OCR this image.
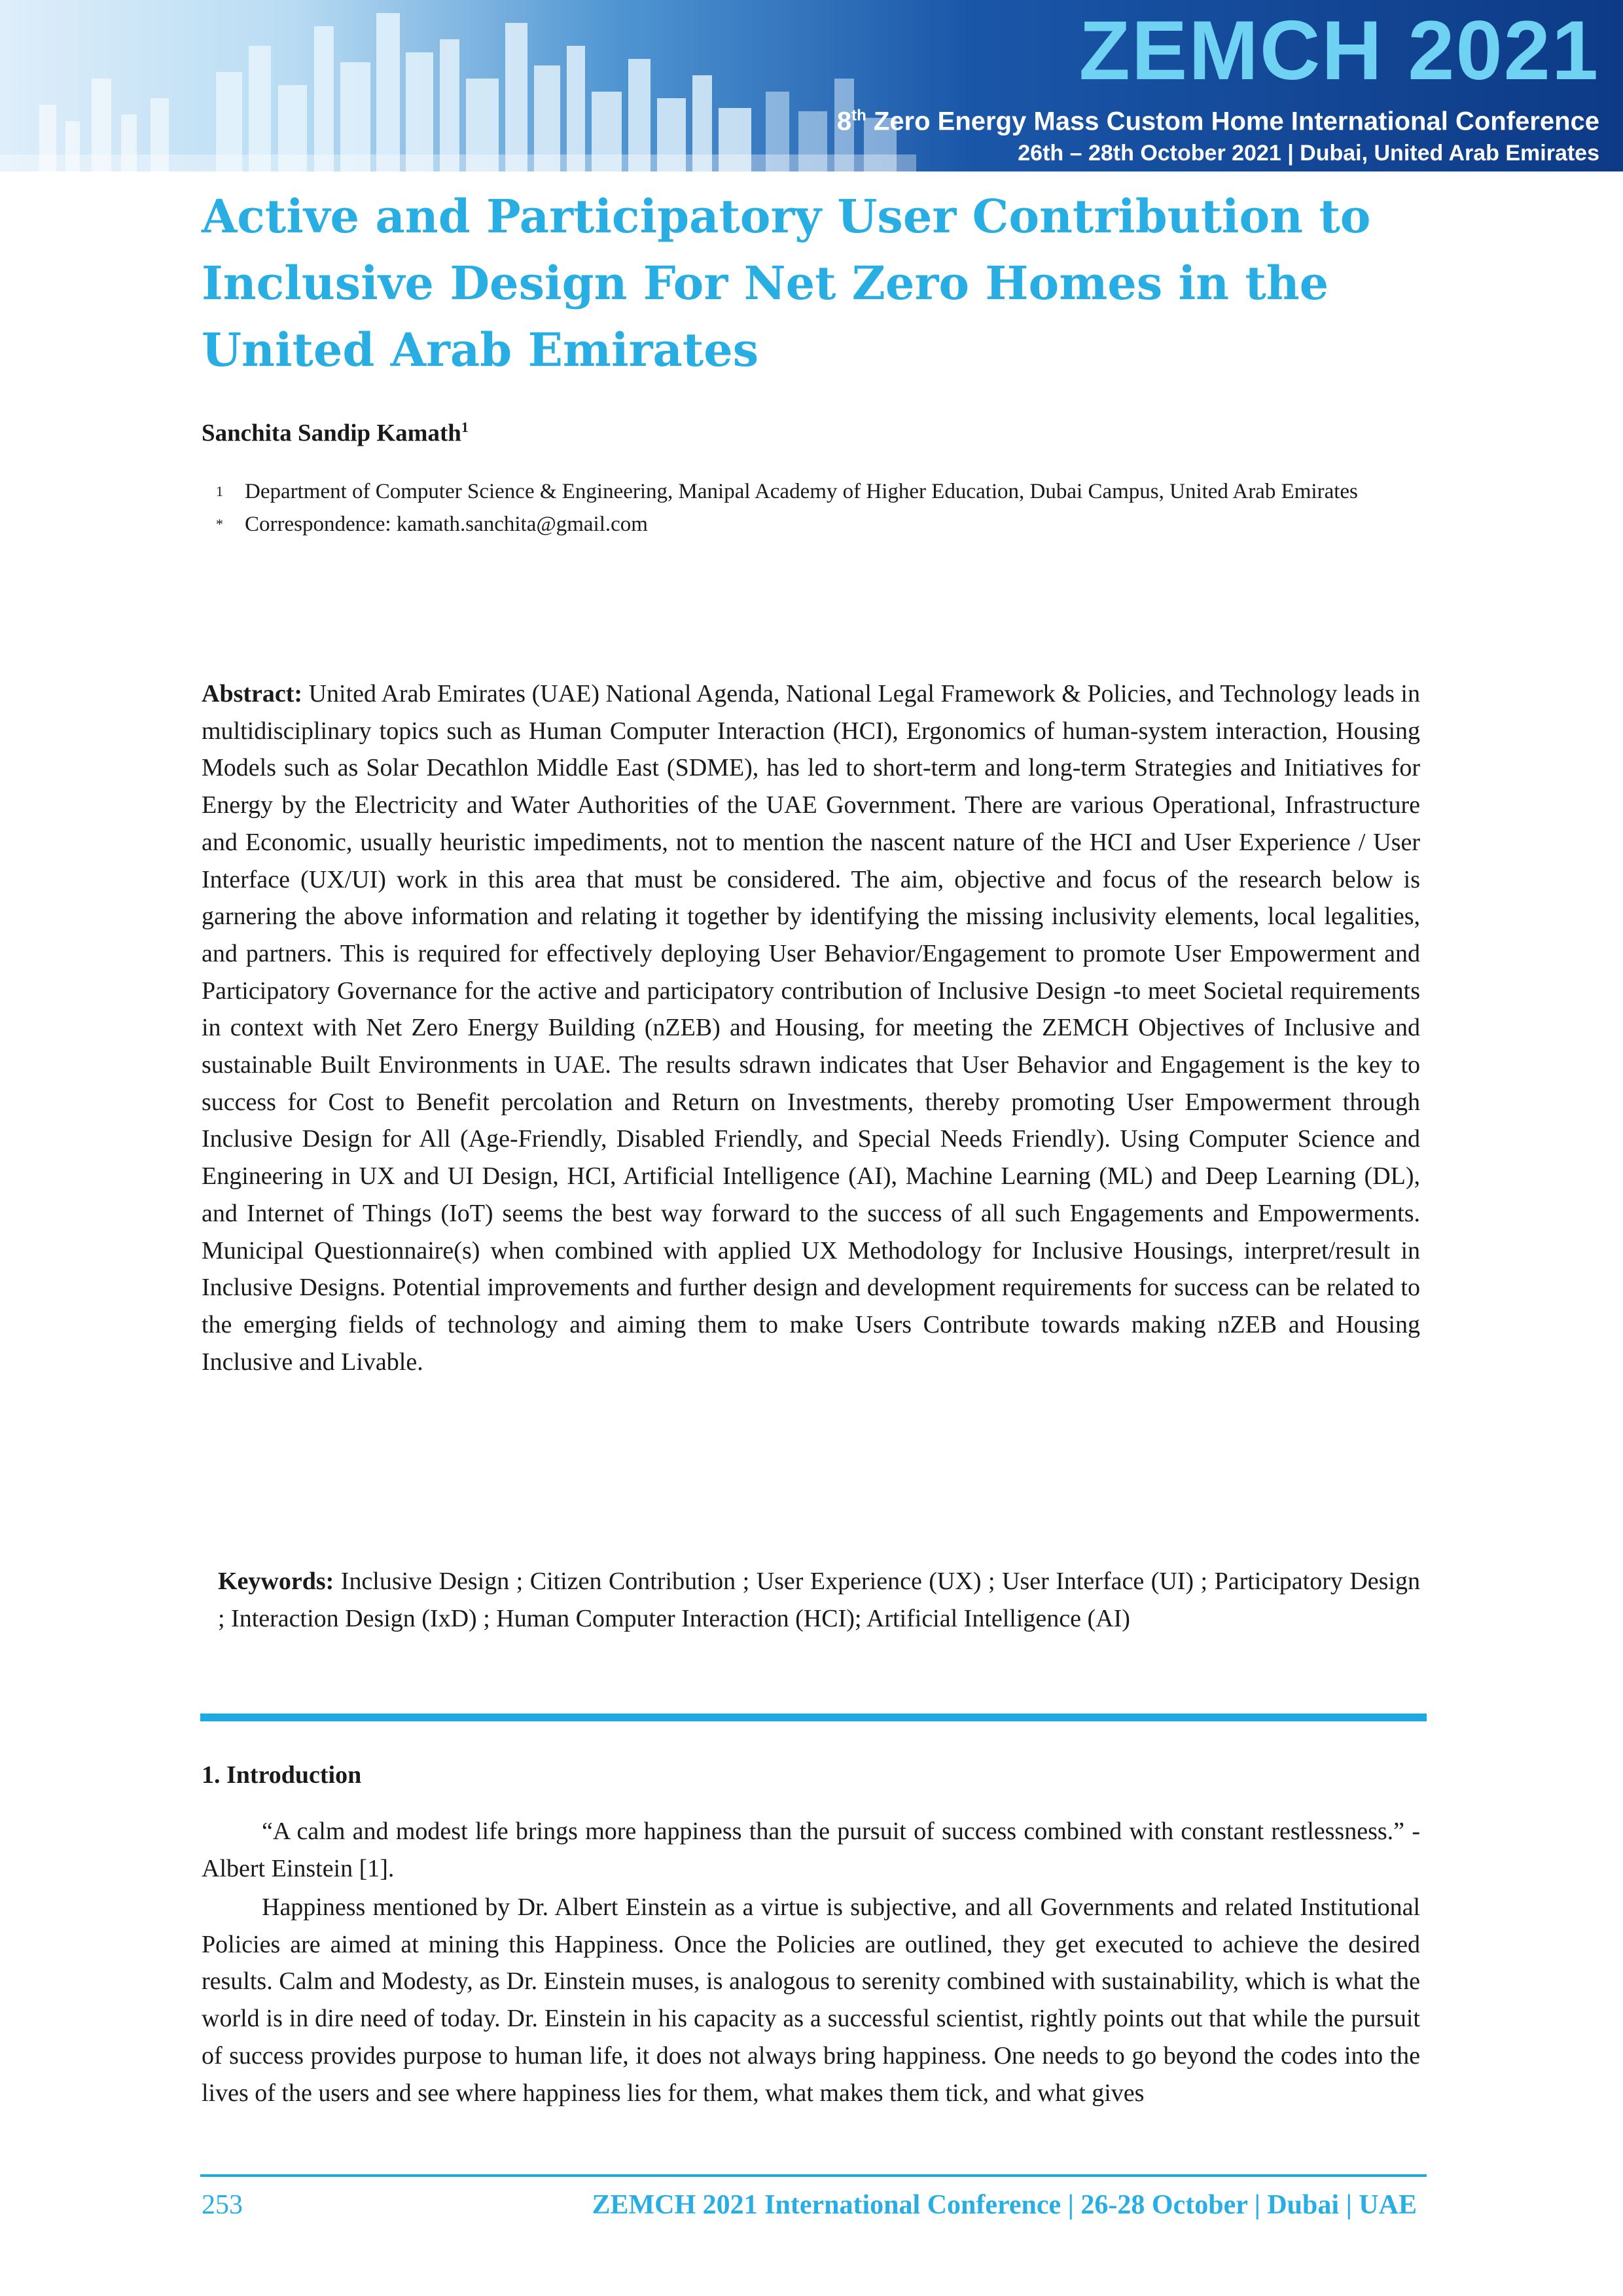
ZEMCH 2021
8th Zero Energy Mass Custom Home International Conference
26th – 28th October 2021 | Dubai, United Arab Emirates
Active and Participatory User Contribution to Inclusive Design For Net Zero Homes in the United Arab Emirates
Sanchita Sandip Kamath$^1$
1 Department of Computer Science & Engineering, Manipal Academy of Higher Education, Dubai Campus, United Arab Emirates
* Correspondence: kamath.sanchita@gmail.com

Abstract: United Arab Emirates (UAE) National Agenda, National Legal Framework & Policies, and Technology leads in multidisciplinary topics such as Human Computer Interaction (HCI), Ergonomics of human-system interaction, Housing Models such as Solar Decathlon Middle East (SDME), has led to short-term and long-term Strategies and Initiatives for Energy by the Electricity and Water Authorities of the UAE Government. There are various Operational, Infrastructure and Economic, usually heuristic impediments, not to mention the nascent nature of the HCI and User Experience / User Interface (UX/UI) work in this area that must be considered. The aim, objective and focus of the research below is garnering the above information and relating it together by identifying the missing inclusivity elements, local legalities, and partners. This is required for effectively deploying User Behavior/Engagement to promote User Empowerment and Participatory Governance for the active and participatory contribution of Inclusive Design -to meet Societal requirements in context with Net Zero Energy Building (nZEB) and Housing, for meeting the ZEMCH Objectives of Inclusive and sustainable Built Environments in UAE. The results sdrawn indicates that User Behavior and Engagement is the key to success for Cost to Benefit percolation and Return on Investments, thereby promoting User Empowerment through Inclusive Design for All (Age-Friendly, Disabled Friendly, and Special Needs Friendly). Using Computer Science and Engineering in UX and UI Design, HCI, Artificial Intelligence (AI), Machine Learning (ML) and Deep Learning (DL), and Internet of Things (IoT) seems the best way forward to the success of all such Engagements and Empowerments. Municipal Questionnaire(s) when combined with applied UX Methodology for Inclusive Housings, interpret/result in Inclusive Designs. Potential improvements and further design and development requirements for success can be related to the emerging fields of technology and aiming them to make Users Contribute towards making nZEB and Housing Inclusive and Livable.

Keywords: Inclusive Design ; Citizen Contribution ; User Experience (UX) ; User Interface (UI) ; Participatory Design ; Interaction Design (IxD) ; Human Computer Interaction (HCI); Artificial Intelligence (AI)

1. Introduction

“A calm and modest life brings more happiness than the pursuit of success combined with constant restlessness.” - Albert Einstein [1].

Happiness mentioned by Dr. Albert Einstein as a virtue is subjective, and all Governments and related Institutional Policies are aimed at mining this Happiness. Once the Policies are outlined, they get executed to achieve the desired results. Calm and Modesty, as Dr. Einstein muses, is analogous to serenity combined with sustainability, which is what the world is in dire need of today. Dr. Einstein in his capacity as a successful scientist, rightly points out that while the pursuit of success provides purpose to human life, it does not always bring happiness. One needs to go beyond the codes into the lives of the users and see where happiness lies for them, what makes them tick, and what gives

253	ZEMCH 2021 International Conference | 26-28 October | Dubai | UAE
